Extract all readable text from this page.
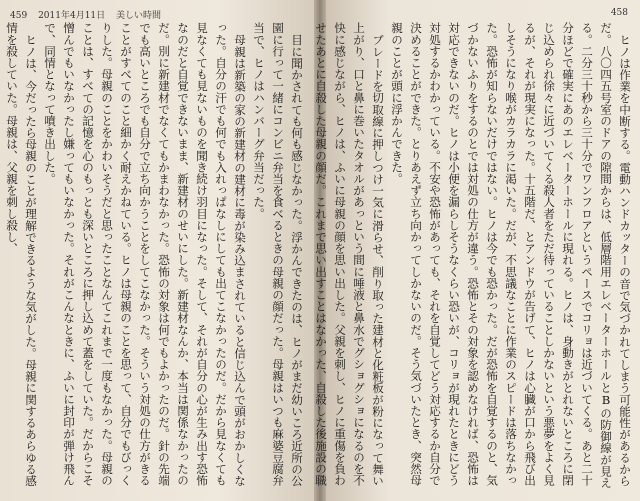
459 2011年4月11日 美しい時間

目に聞かされても何も感じなかった。浮かんできたのは、ヒノがまだ幼いころ近所の公園に行って一緒にコンビニ弁当を食べるときの母親の顔だった。母親はいつも麻婆豆腐弁当で、ヒノはハンバーグ弁当だった。

母親は新築の家の新建材の建材に毒が染み込まされていると信じ込んで頭がおかしくなった。自分の汗でも何でも入れっぱなしにしても出てこなかったのだ。だから見なくても見なくても見ないものを聞き続け羽目になった。そして、それが自分の心が生み出す恐怖なのだと自覚できないまま、新建材のせいにした。新建材なんか、本当は関係なかったのだ。別に新建材でなくてもかまわなかった。恐怖の対象は何でもよかったのだ。針の先端でも高いところでも自分で立ち向かうことをしてこなかった。そういう対処の仕方がきることがすべてのこと細かく耐えかねている。ヒノは母親のことを思って、自分でもびっくりした。母親のことをかわいそうだと思ったことなんてこれまで一度もなかった。母親のことは、すべての記憶を心のもっとも深いところに押し込めて蓋をしていた。だからこそ憎んでもいなかったし嫌ってもいなかった。それがこんなときに、ふいに封印が弾け飛んで、同情となって噴き出した。

ヒノは、今だったら母親のことが理解できるような気がした。母親に関するあらゆる感情を殺していた。母親は、父親を刺し殺し、

458

ヒノは作業を中断する。電動ハンドカッターの音で気づかれてしまう可能性があるからだ。八〇四五号室のドアの隙間からは、低層階用エレベーターホールとBの防御線が見える。二分三十秒から三十分でワンフロアというペースでコリョは近づいてくる。あと二十分ほどで確実にあのエレベーターホールに現れる。ヒノは、身動きがとれないところに閉じ込められ徐々に近づいてくる殺人者をただ待っていることしかないという悪夢をよく見るが、それが現実になった。十五階だ、とアンドウが告げて、ヒノは心臓が口から飛び出しそうになり喉がカラカラに渇いた。だが、不思議なことに作業のスピードは落ちなかった。恐怖が知らないだけではない。ヒノは今でも恐かった。だが恐怖を自覚するのと、気づかないふりをするのとでは対処の仕方が違う。恐怖とその対象を認めなければ、恐怖は対応できないのだ。ヒノは小便を漏らしそうなくらい恐いが、コリョが現れたときにどう対処するかわかっている。不安や恐怖があっても、それを自覚してどう対応するか自分で決めることができた。とりあえず立ち向かってしかないのだ。そう気づいたとき、突然母親のことが頭に浮かんできた。

ブレードを切取線に押しつけ一気に滑らせ、削り取った建材と化粧板が粉になって舞い上がり、口と鼻に巻いたタオルがあっという間に唾液と鼻水でグショグショになるのを不快に感じながら、ヒノは、ふいに母親の顔を思い出した。父親を刺し、ヒノに重傷を負わせたあとに自殺した母親の顔だ。これまで思い出すことはなかった、自殺した後施設の職
